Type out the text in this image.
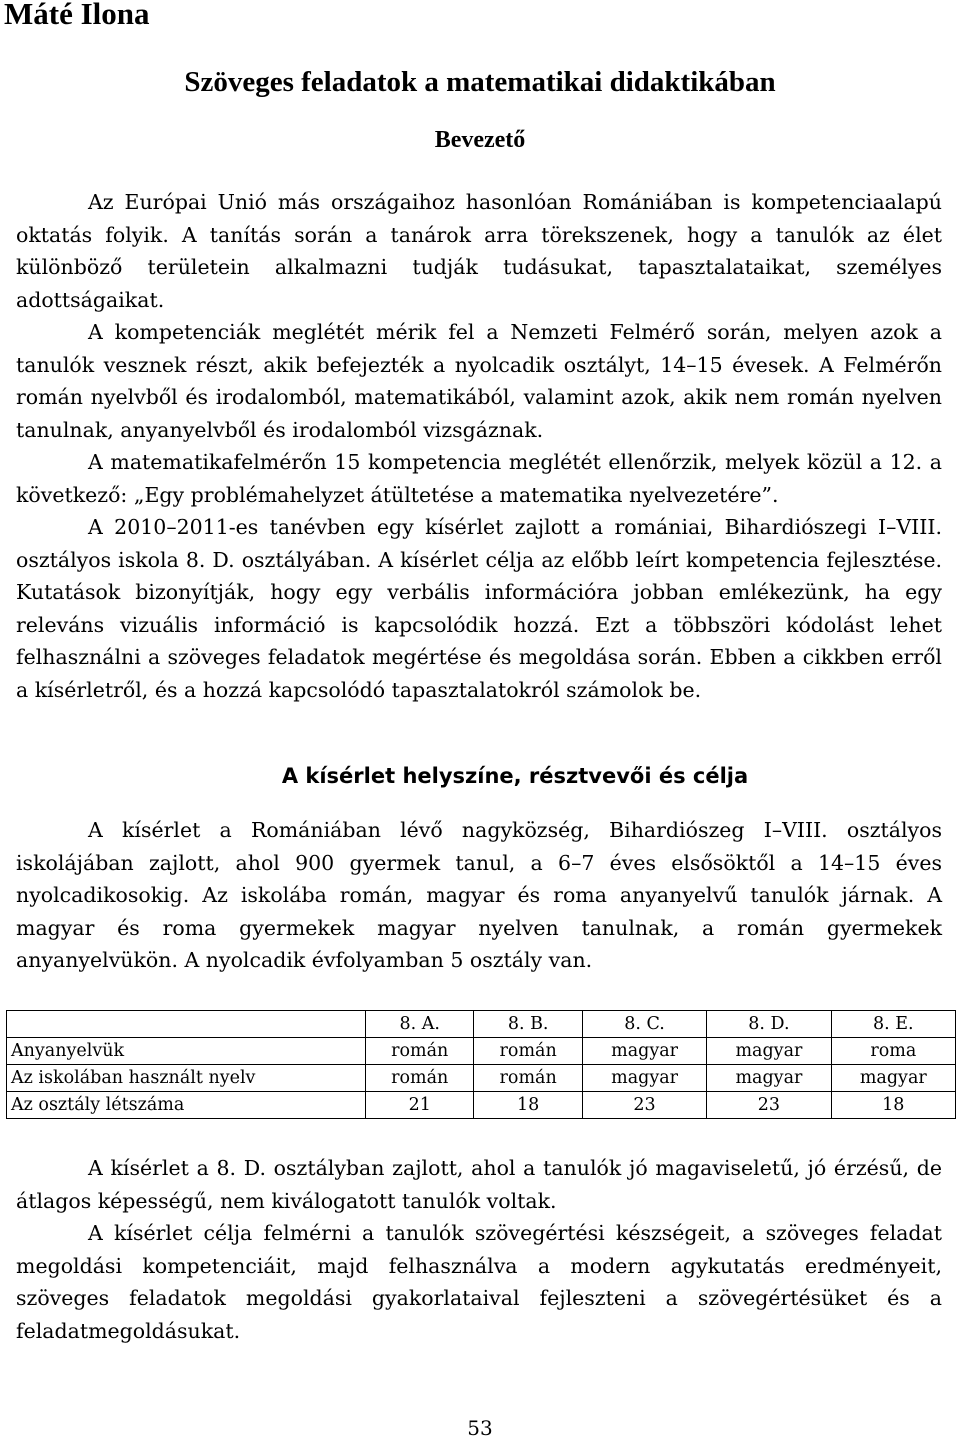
Máté Ilona
Szöveges feladatok a matematikai didaktikában
Bevezető

Az Európai Unió más országaihoz hasonlóan Romániában is kompetenciaalapú oktatás folyik. A tanítás során a tanárok arra törekszenek, hogy a tanulók az élet különböző területein alkalmazni tudják tudásukat, tapasztalataikat, személyes adottságaikat.

A kompetenciák meglétét mérik fel a Nemzeti Felmérő során, melyen azok a tanulók vesznek részt, akik befejezték a nyolcadik osztályt, 14–15 évesek. A Felmérőn román nyelvből és irodalomból, matematikából, valamint azok, akik nem román nyelven tanulnak, anyanyelvből és irodalomból vizsgáznak.

A matematikafelmérőn 15 kompetencia meglétét ellenőrzik, melyek közül a 12. a következő: „Egy problémahelyzet átültetése a matematika nyelvezetére”.

A 2010–2011-es tanévben egy kísérlet zajlott a romániai, Bihardiószegi I–VIII. osztályos iskola 8. D. osztályában. A kísérlet célja az előbb leírt kompetencia fejlesztése. Kutatások bizonyítják, hogy egy verbális információra jobban emlékezünk, ha egy releváns vizuális információ is kapcsolódik hozzá. Ezt a többszöri kódolást lehet felhasználni a szöveges feladatok megértése és megoldása során. Ebben a cikkben erről a kísérletről, és a hozzá kapcsolódó tapasztalatokról számolok be.

A kísérlet helyszíne, résztvevői és célja

A kísérlet a Romániában lévő nagyközség, Bihardiószeg I–VIII. osztályos iskolájában zajlott, ahol 900 gyermek tanul, a 6–7 éves elsősöktől a 14–15 éves nyolcadikosokig. Az iskolába román, magyar és roma anyanyelvű tanulók járnak. A magyar és roma gyermekek magyar nyelven tanulnak, a román gyermekek anyanyelvükön. A nyolcadik évfolyamban 5 osztály van.

	8. A.	8. B.	8. C.	8. D.	8. E.
Anyanyelvük	román	román	magyar	magyar	roma
Az iskolában használt nyelv	román	román	magyar	magyar	magyar
Az osztály létszáma	21	18	23	23	18

A kísérlet a 8. D. osztályban zajlott, ahol a tanulók jó magaviseletű, jó érzésű, de átlagos képességű, nem kiválogatott tanulók voltak.

A kísérlet célja felmérni a tanulók szövegértési készségeit, a szöveges feladat megoldási kompetenciáit, majd felhasználva a modern agykutatás eredményeit, szöveges feladatok megoldási gyakorlataival fejleszteni a szövegértésüket és a feladatmegoldásukat.

53
